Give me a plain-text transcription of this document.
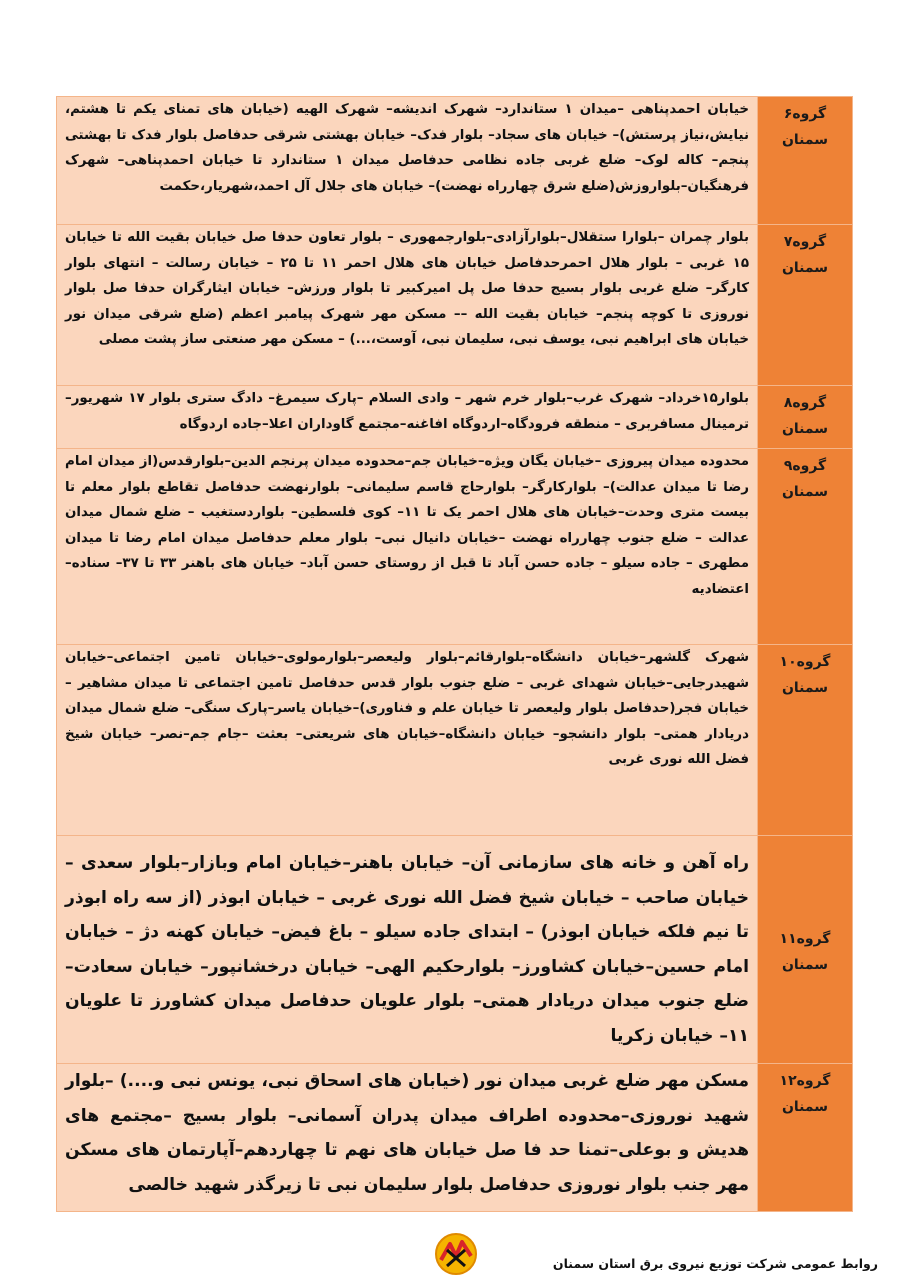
گروه۶
سمنان	خیابان احمدپناهی –میدان ۱ ستاندارد– شهرک اندیشه– شهرک الهیه (خیابان های تمنای یکم تا هشتم، نیایش،نیاز پرستش)– خیابان های سجاد– بلوار فدک– خیابان بهشتی شرقی حدفاصل بلوار فدک تا بهشتی پنجم– کاله لوک– ضلع غربی جاده نظامی حدفاصل میدان ۱ ستاندارد تا خیابان احمدپناهی– شهرک فرهنگیان–بلواروزش(ضلع شرق چهارراه نهضت)– خیابان های جلال آل احمد،شهریار،حکمت

گروه۷
سمنان	بلوار چمران –بلوارا ستقلال–بلوارآزادی–بلوارجمهوری – بلوار تعاون حدفا صل خیابان بقیت الله تا خیابان ۱۵ غربی – بلوار هلال احمرحدفاصل خیابان های هلال احمر ۱۱ تا ۲۵ – خیابان رسالت – انتهای بلوار کارگر– ضلع غربی بلوار بسیج حدفا صل پل امیرکبیر تا بلوار ورزش– خیابان ایثارگران حدفا صل بلوار نوروزی تا کوچه پنجم– خیابان بقیت الله –– مسکن مهر شهرک پیامبر اعظم (ضلع شرقی میدان نور خیابان های ابراهیم نبی، یوسف نبی، سلیمان نبی، آوست،...) – مسکن مهر صنعتی ساز پشت مصلی

گروه۸
سمنان	بلوار۱۵خرداد– شهرک غرب–بلوار خرم شهر – وادی السلام –پارک سیمرغ– دادگ ستری بلوار ۱۷ شهریور–ترمینال مسافربری – منطقه فرودگاه–اردوگاه افاغنه–مجتمع گاوداران اعلا–جاده اردوگاه

گروه۹
سمنان	محدوده میدان پیروزی –خیابان یگان ویژه–خیابان جم–محدوده میدان پرنجم الدین–بلوارقدس(از میدان امام رضا تا میدان عدالت)– بلوارکارگر– بلوارحاج قاسم سلیمانی– بلوارنهضت حدفاصل تقاطع بلوار معلم تا بیست متری وحدت–خیابان های هلال احمر یک تا ۱۱– کوی فلسطین– بلواردستغیب – ضلع شمال میدان عدالت – ضلع جنوب چهارراه نهضت –خیابان دانیال نبی– بلوار معلم حدفاصل میدان امام رضا تا میدان مطهری – جاده سیلو – جاده حسن آباد تا قبل از روستای حسن آباد– خیابان های باهنر ۳۳ تا ۳۷– سناده– اعتضادیه

گروه۱۰
سمنان	شهرک گلشهر–خیابان دانشگاه–بلوارقائم–بلوار ولیعصر–بلوارمولوی–خیابان تامین اجتماعی–خیابان شهیدرجایی–خیابان شهدای غربی – ضلع جنوب بلوار قدس حدفاصل تامین اجتماعی تا میدان مشاهیر – خیابان فجر(حدفاصل بلوار ولیعصر تا خیابان علم و فناوری)–خیابان یاسر–پارک سنگی– ضلع شمال میدان دریادار همتی– بلوار دانشجو– خیابان دانشگاه–خیابان های شریعتی– بعثت –جام جم–نصر– خیابان شیخ فضل الله نوری غربی

گروه۱۱
سمنان	راه آهن و خانه های سازمانی آن– خیابان باهنر–خیابان امام وبازار–بلوار سعدی – خیابان صاحب – خیابان شیخ فضل الله نوری غربی – خیابان ابوذر (از سه راه ابوذر تا نیم فلکه خیابان ابوذر) – ابتدای جاده سیلو – باغ فیض– خیابان کهنه دژ – خیابان امام حسین–خیابان کشاورز– بلوارحکیم الهی– خیابان درخشانپور– خیابان سعادت– ضلع جنوب میدان دریادار همتی– بلوار علویان حدفاصل میدان کشاورز تا علویان ۱۱– خیابان زکریا

گروه۱۲
سمنان	مسکن مهر ضلع غربی میدان نور (خیابان های اسحاق نبی، یونس نبی و....) –بلوار شهید نوروزی–محدوده اطراف میدان پدران آسمانی– بلوار بسیج –مجتمع های هدیش و بوعلی–تمنا حد فا صل خیابان های نهم تا چهاردهم–آپارتمان های مسکن مهر جنب بلوار نوروزی حدفاصل بلوار سلیمان نبی تا زیرگذر شهید خالصی

روابط عمومی شرکت توزیع نیروی برق استان سمنان
